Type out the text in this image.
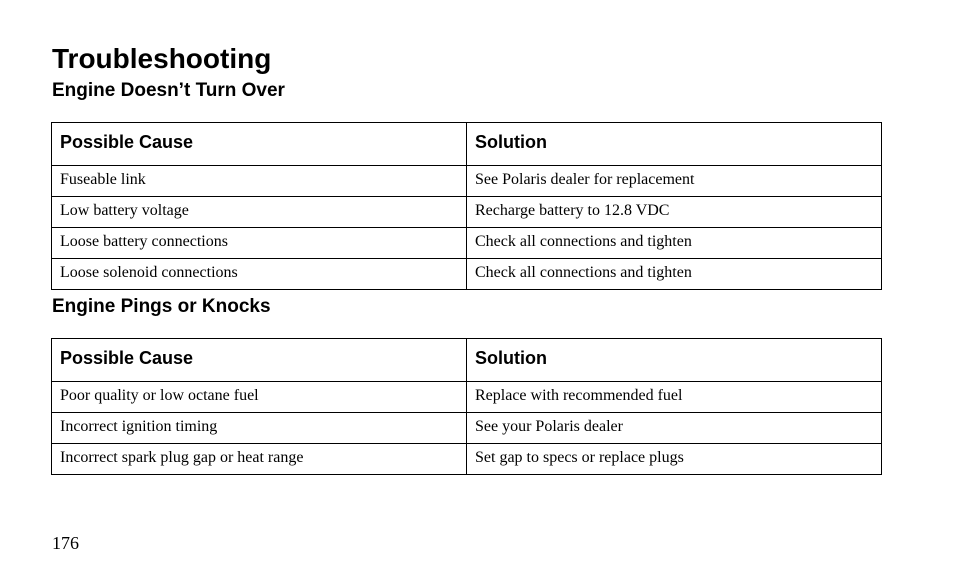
Troubleshooting
Engine Doesn’t Turn Over
Possible Cause	Solution
Fuseable link	See Polaris dealer for replacement
Low battery voltage	Recharge battery to 12.8 VDC
Loose battery connections	Check all connections and tighten
Loose solenoid connections	Check all connections and tighten
Engine Pings or Knocks
Possible Cause	Solution
Poor quality or low octane fuel	Replace with recommended fuel
Incorrect ignition timing	See your Polaris dealer
Incorrect spark plug gap or heat range	Set gap to specs or replace plugs
176
